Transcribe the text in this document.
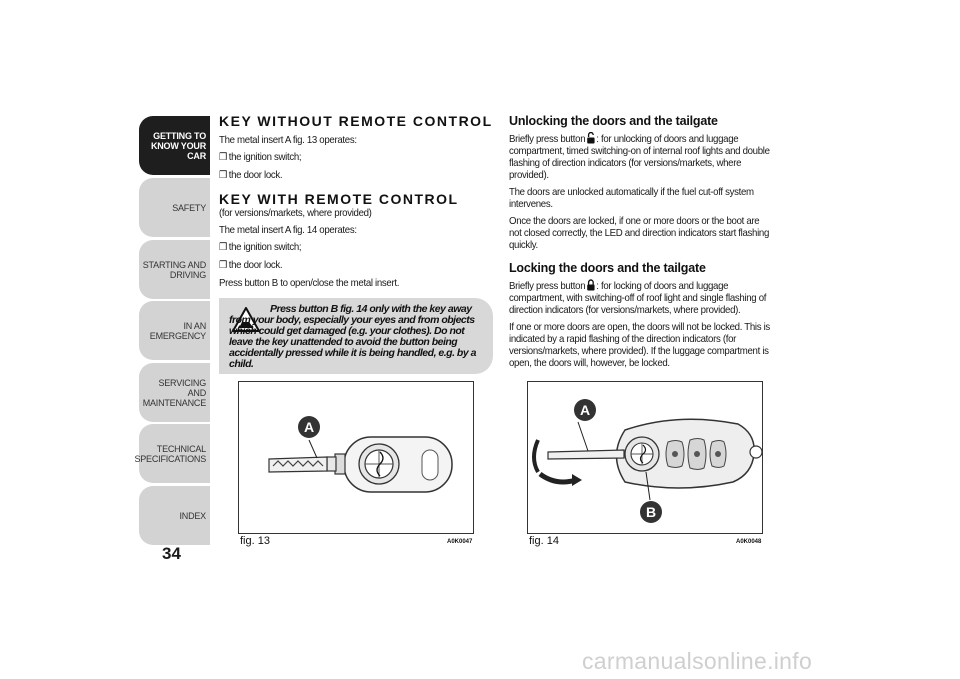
GETTING TO
KNOW YOUR CAR
SAFETY
STARTING AND
DRIVING
IN AN EMERGENCY
SERVICING AND
MAINTENANCE
TECHNICAL
SPECIFICATIONS
INDEX
34
KEY WITHOUT REMOTE CONTROL

The metal insert A fig. 13 operates:

❒ the ignition switch;

❒ the door lock.

KEY WITH REMOTE CONTROL

(for versions/markets, where provided)

The metal insert A fig. 14 operates:

❒ the ignition switch;

❒ the door lock.

Press button B to open/close the metal insert.

Press button B fig. 14 only with the key away from your body, especially your eyes and from objects which could get damaged (e.g. your clothes). Do not leave the key unattended to avoid the button being accidentally pressed while it is being handled, e.g. by a child.

A
fig. 13	A0K0047
Unlocking the doors and the tailgate

Briefly press button : for unlocking of doors and luggage compartment, timed switching-on of internal roof lights and double flashing of direction indicators (for versions/markets, where provided).

The doors are unlocked automatically if the fuel cut-off system intervenes.

Once the doors are locked, if one or more doors or the boot are not closed correctly, the LED and direction indicators start flashing quickly.

Locking the doors and the tailgate

Briefly press button : for locking of doors and luggage compartment, with switching-off of roof light and single flashing of direction indicators (for versions/markets, where provided).

If one or more doors are open, the doors will not be locked. This is indicated by a rapid flashing of the direction indicators (for versions/markets, where provided). If the luggage compartment is open, the doors will, however, be locked.

A
B
fig. 14	A0K0048
carmanualsonline.info
